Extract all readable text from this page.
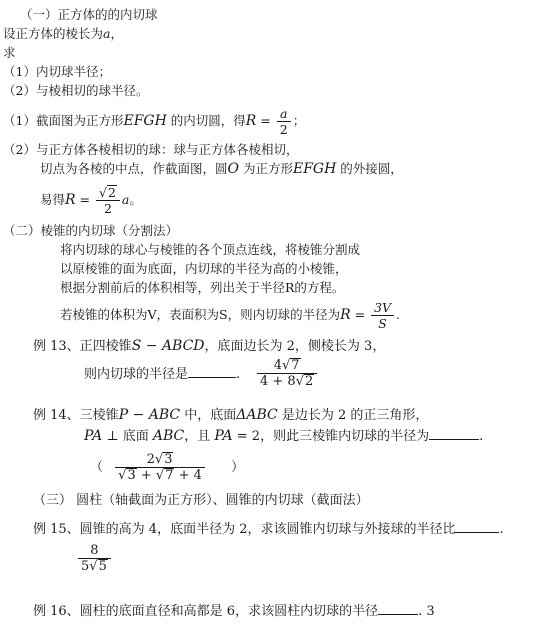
（一）正方体的的内切球
设正方体的棱长为a，
求
（1）内切球半径；
（2）与棱相切的球半径。
（1）截面图为正方形EFGH 的内切圆，得$R = \frac{a}{2}$ ；
（2）与正方体各棱相切的球：球与正方体各棱相切，
切点为各棱的中点，作截面图，圆O 为正方形EFGH 的外接圆，
易得$R = \frac{√2}{2}$ a。
（二）棱锥的内切球（分割法）
将内切球的球心与棱锥的各个顶点连线，将棱锥分割成
以原棱锥的面为底面，内切球的半径为高的小棱锥，
根据分割前后的体积相等，列出关于半径R的方程。
若棱锥的体积为V，表面积为S，则内切球的半径为$R = \frac{3V}{S}$ .
例 13、正四棱锥S − ABCD，底面边长为 2，侧棱长为 3，
则内切球的半径是	. $\frac{4√7}{4 + 8√2}$
例 14、三棱锥P − ABC 中，底面ΔABC 是边长为 2 的正三角形，
PA ⊥ 底面 ABC，且 PA = 2，则此三棱锥内切球的半径为	.
（ $\frac{2√3}{√3 + √7 + 4}$ ）
（三） 圆柱（轴截面为正方形）、圆锥的内切球（截面法）
例 15、圆锥的高为 4，底面半径为 2，求该圆锥内切球与外接球的半径比	.
$\frac{8}{5√5}$
例 16、圆柱的底面直径和高都是 6，求该圆柱内切球的半径	. 3
